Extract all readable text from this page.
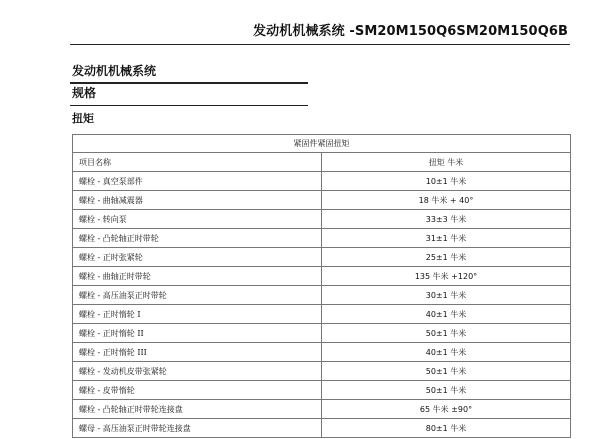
发动机机械系统 -SM20M150Q6SM20M150Q6B
发动机机械系统
规格
扭矩
紧固件紧固扭矩	
项目名称	扭矩 牛米
螺栓 - 真空泵部件	10±1 牛米
螺栓 - 曲轴减震器	18 牛米 + 40°
螺栓 - 转向泵	33±3 牛米
螺栓 - 凸轮轴正时带轮	31±1 牛米
螺栓 - 正时张紧轮	25±1 牛米
螺栓 - 曲轴正时带轮	135 牛米 +120°
螺栓 - 高压油泵正时带轮	30±1 牛米
螺栓 - 正时惰轮 I	40±1 牛米
螺栓 - 正时惰轮 II	50±1 牛米
螺栓 - 正时惰轮 III	40±1 牛米
螺栓 - 发动机皮带张紧轮	50±1 牛米
螺栓 - 皮带惰轮	50±1 牛米
螺栓 - 凸轮轴正时带轮连接盘	65 牛米 ±90°
螺母 - 高压油泵正时带轮连接盘	80±1 牛米
